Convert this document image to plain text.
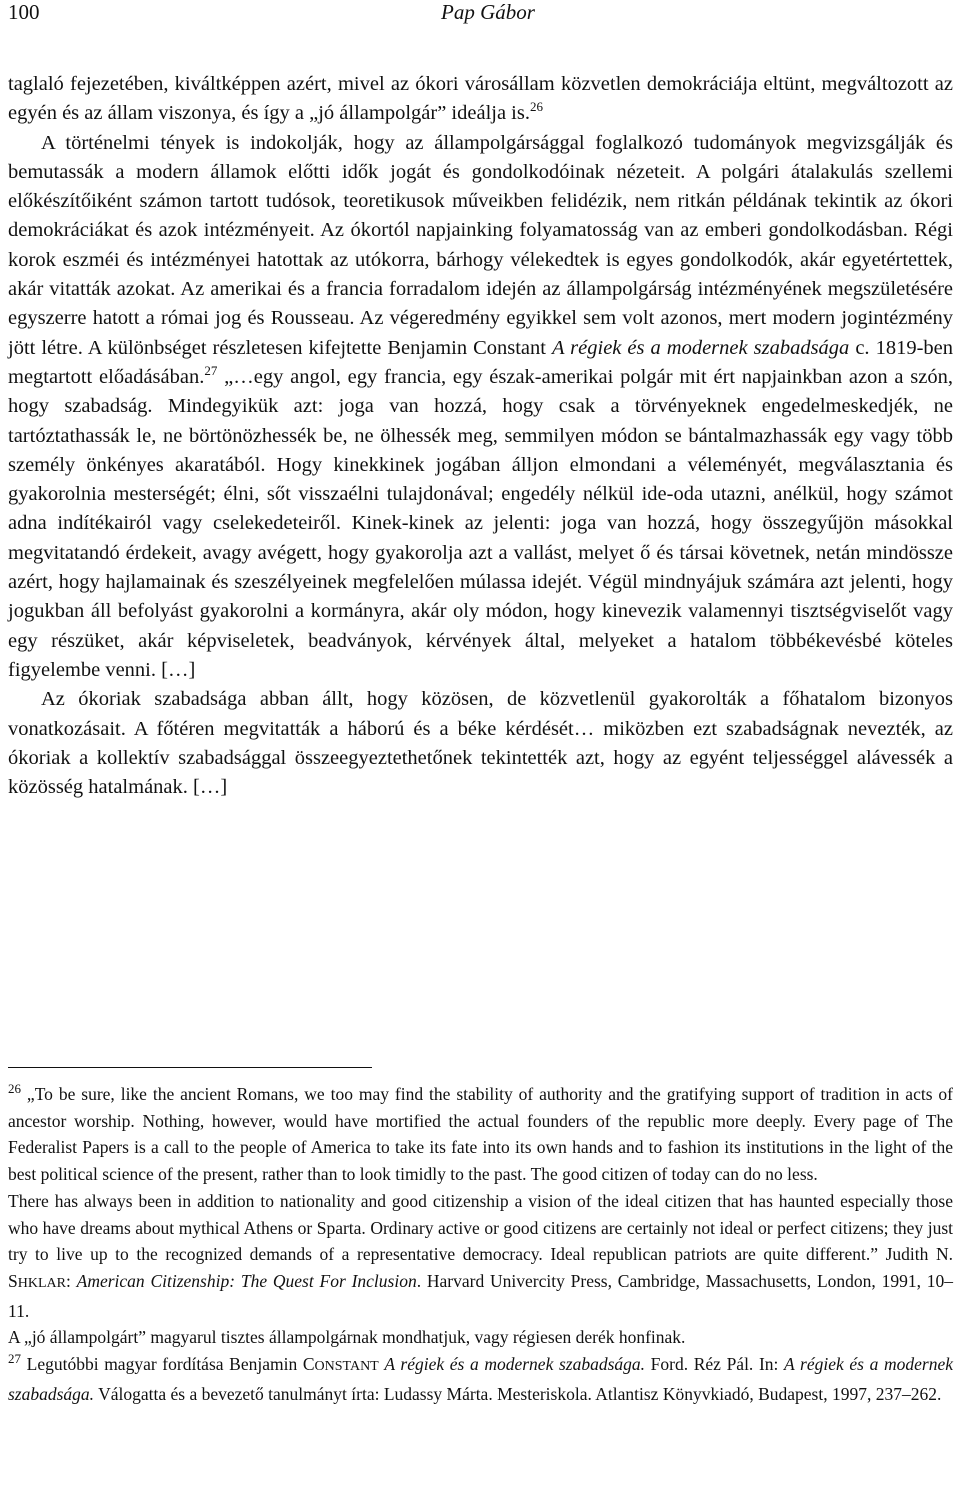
100	Pap Gábor

taglaló fejezetében, kiváltképpen azért, mivel az ókori városállam közvetlen demokráciája eltünt, megváltozott az egyén és az állam viszonya, és így a „jó állampolgár” ideálja is.$^{26}$

A történelmi tények is indokolják, hogy az állampolgársággal foglalkozó tudományok megvizsgálják és bemutassák a modern államok előtti idők jogát és gondolkodóinak nézeteit. A polgári átalakulás szellemi előkészítőiként számon tartott tudósok, teoretikusok műveikben felidézik, nem ritkán példának tekintik az ókori demokráciákat és azok intézményeit. Az ókortól napjainking folyamatosság van az emberi gondolkodásban. Régi korok eszméi és intézményei hatottak az utókorra, bárhogy vélekedtek is egyes gondolkodók, akár egyetértettek, akár vitatták azokat. Az amerikai és a francia forradalom idején az állampolgárság intézményének megszületésére egyszerre hatott a római jog és Rousseau. Az végeredmény egyikkel sem volt azonos, mert modern jogintézmény jött létre. A különbséget részletesen kifejtette Benjamin Constant A régiek és a modernek szabadsága c. 1819-ben megtartott előadásában.$^{27}$ „…egy angol, egy francia, egy észak-amerikai polgár mit ért napjainkban azon a szón, hogy szabadság. Mindegyikük azt: joga van hozzá, hogy csak a törvényeknek engedelmeskedjék, ne tartóztathassák le, ne börtönözhessék be, ne ölhessék meg, semmilyen módon se bántalmazhassák egy vagy több személy önkényes akaratából. Hogy kinekkinek jogában álljon elmondani a véleményét, megválasztania és gyakorolnia mesterségét; élni, sőt visszaélni tulajdonával; engedély nélkül ide-oda utazni, anélkül, hogy számot adna indítékairól vagy cselekedeteiről. Kinek-kinek az jelenti: joga van hozzá, hogy összegyűjön másokkal megvitatandó érdekeit, avagy avégett, hogy gyakorolja azt a vallást, melyet ő és társai követnek, netán mindössze azért, hogy hajlamainak és szeszélyeinek megfelelően múlassa idejét. Végül mindnyájuk számára azt jelenti, hogy jogukban áll befolyást gyakorolni a kormányra, akár oly módon, hogy kinevezik valamennyi tisztségviselőt vagy egy részüket, akár képviseletek, beadványok, kérvények által, melyeket a hatalom többékevésbé köteles figyelembe venni. […]

Az ókoriak szabadsága abban állt, hogy közösen, de közvetlenül gyakorolták a főhatalom bizonyos vonatkozásait. A főtéren megvitatták a háború és a béke kérdését… miközben ezt szabadságnak nevezték, az ókoriak a kollektív szabadsággal összeegyeztethetőnek tekintették azt, hogy az egyént teljességgel alávessék a közösség hatalmának. […]

$^{26}$ „To be sure, like the ancient Romans, we too may find the stability of authority and the gratifying support of tradition in acts of ancestor worship. Nothing, however, would have mortified the actual founders of the republic more deeply. Every page of The Federalist Papers is a call to the people of America to take its fate into its own hands and to fashion its institutions in the light of the best political science of the present, rather than to look timidly to the past. The good citizen of today can do no less.

There has always been in addition to nationality and good citizenship a vision of the ideal citizen that has haunted especially those who have dreams about mythical Athens or Sparta. Ordinary active or good citizens are certainly not ideal or perfect citizens; they just try to live up to the recognized demands of a representative democracy. Ideal republican patriots are quite different.” Judith N. SHKLAR: American Citizenship: The Quest For Inclusion. Harvard Univercity Press, Cambridge, Massachusetts, London, 1991, 10–11.

A „jó állampolgárt” magyarul tisztes állampolgárnak mondhatjuk, vagy régiesen derék honfinak.

$^{27}$ Legutóbbi magyar fordítása Benjamin CONSTANT A régiek és a modernek szabadsága. Ford. Réz Pál. In: A régiek és a modernek szabadsága. Válogatta és a bevezető tanulmányt írta: Ludassy Márta. Mesteriskola. Atlantisz Könyvkiadó, Budapest, 1997, 237–262.
